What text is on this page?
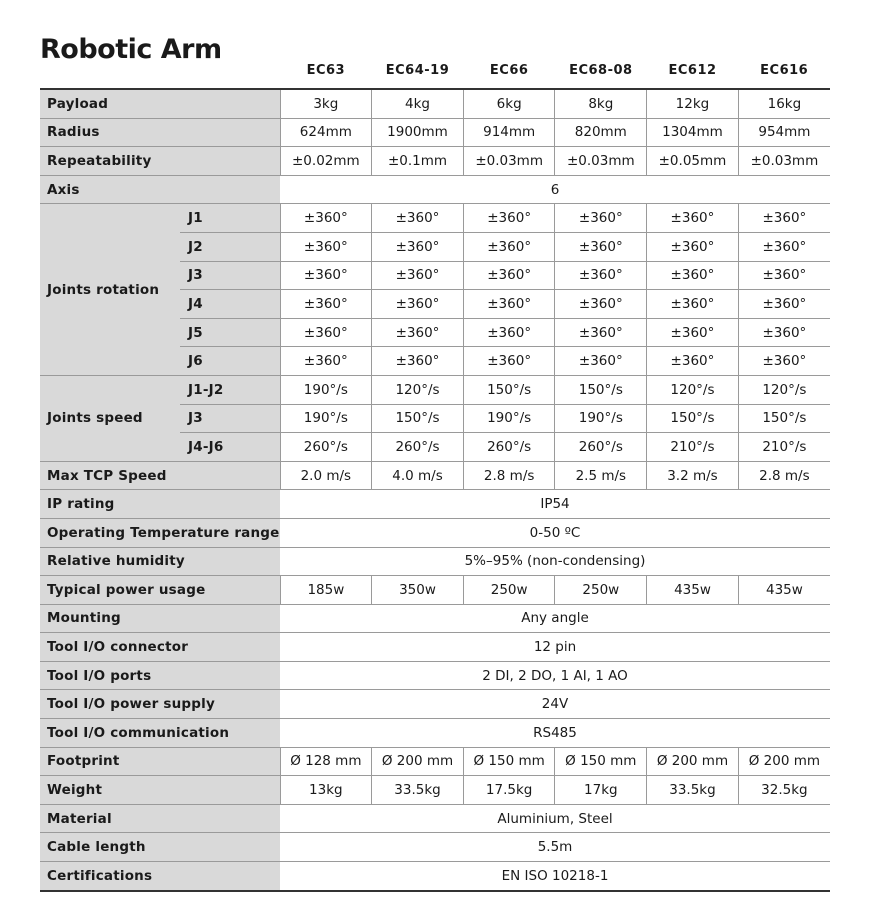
Robotic Arm
EC63	EC64-19	EC66	EC68-08	EC612	EC616
Payload		3kg	4kg	6kg	8kg	12kg	16kg
Radius		624mm	1900mm	914mm	820mm	1304mm	954mm
Repeatability		±0.02mm	±0.1mm	±0.03mm	±0.03mm	±0.05mm	±0.03mm
Axis		6					
Joints rotation	J1	±360°	±360°	±360°	±360°	±360°	±360°
	J2	±360°	±360°	±360°	±360°	±360°	±360°
	J3	±360°	±360°	±360°	±360°	±360°	±360°
	J4	±360°	±360°	±360°	±360°	±360°	±360°
	J5	±360°	±360°	±360°	±360°	±360°	±360°
	J6	±360°	±360°	±360°	±360°	±360°	±360°
Joints speed	J1-J2	190°/s	120°/s	150°/s	150°/s	120°/s	120°/s
	J3	190°/s	150°/s	190°/s	190°/s	150°/s	150°/s
	J4-J6	260°/s	260°/s	260°/s	260°/s	210°/s	210°/s
Max TCP Speed		2.0 m/s	4.0 m/s	2.8 m/s	2.5 m/s	3.2 m/s	2.8 m/s
IP rating		IP54					
Operating Temperature range		0-50 ºC					
Relative humidity		5%–95% (non-condensing)					
Typical power usage		185w	350w	250w	250w	435w	435w
Mounting		Any angle					
Tool I/O connector		12 pin					
Tool I/O ports		2 DI, 2 DO, 1 AI, 1 AO					
Tool I/O power supply		24V					
Tool I/O communication		RS485					
Footprint		Ø 128 mm	Ø 200 mm	Ø 150 mm	Ø 150 mm	Ø 200 mm	Ø 200 mm
Weight		13kg	33.5kg	17.5kg	17kg	33.5kg	32.5kg
Material		Aluminium, Steel					
Cable length		5.5m					
Certifications		EN ISO 10218-1					
